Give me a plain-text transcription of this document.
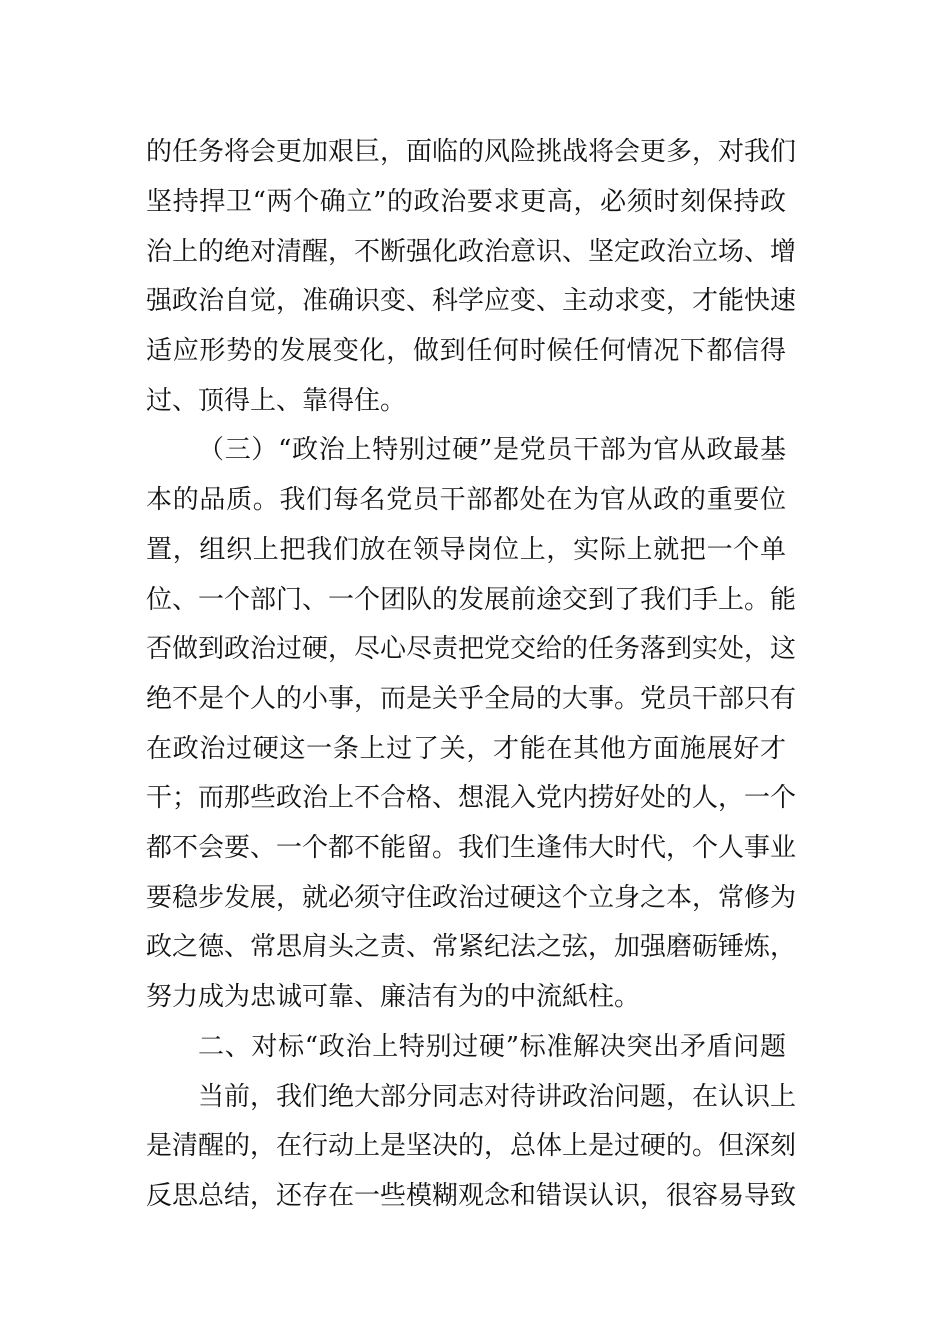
的任务将会更加艰巨，面临的风险挑战将会更多，对我们
坚持捍卫“两个确立”的政治要求更高，必须时刻保持政
治上的绝对清醒，不断强化政治意识、坚定政治立场、增
强政治自觉，准确识变、科学应变、主动求变，才能快速
适应形势的发展变化，做到任何时候任何情况下都信得
过、顶得上、靠得住。
（三）“政治上特别过硬”是党员干部为官从政最基
本的品质。我们每名党员干部都处在为官从政的重要位
置，组织上把我们放在领导岗位上，实际上就把一个单
位、一个部门、一个团队的发展前途交到了我们手上。能
否做到政治过硬，尽心尽责把党交给的任务落到实处，这
绝不是个人的小事，而是关乎全局的大事。党员干部只有
在政治过硬这一条上过了关，才能在其他方面施展好才
干；而那些政治上不合格、想混入党内捞好处的人，一个
都不会要、一个都不能留。我们生逢伟大时代，个人事业
要稳步发展，就必须守住政治过硬这个立身之本，常修为
政之德、常思肩头之责、常紧纪法之弦，加强磨砺锤炼，
努力成为忠诚可靠、廉洁有为的中流紙柱。
二、对标“政治上特别过硬”标准解决突出矛盾问题
当前，我们绝大部分同志对待讲政治问题，在认识上
是清醒的，在行动上是坚决的，总体上是过硬的。但深刻
反思总结，还存在一些模糊观念和错误认识，很容易导致
